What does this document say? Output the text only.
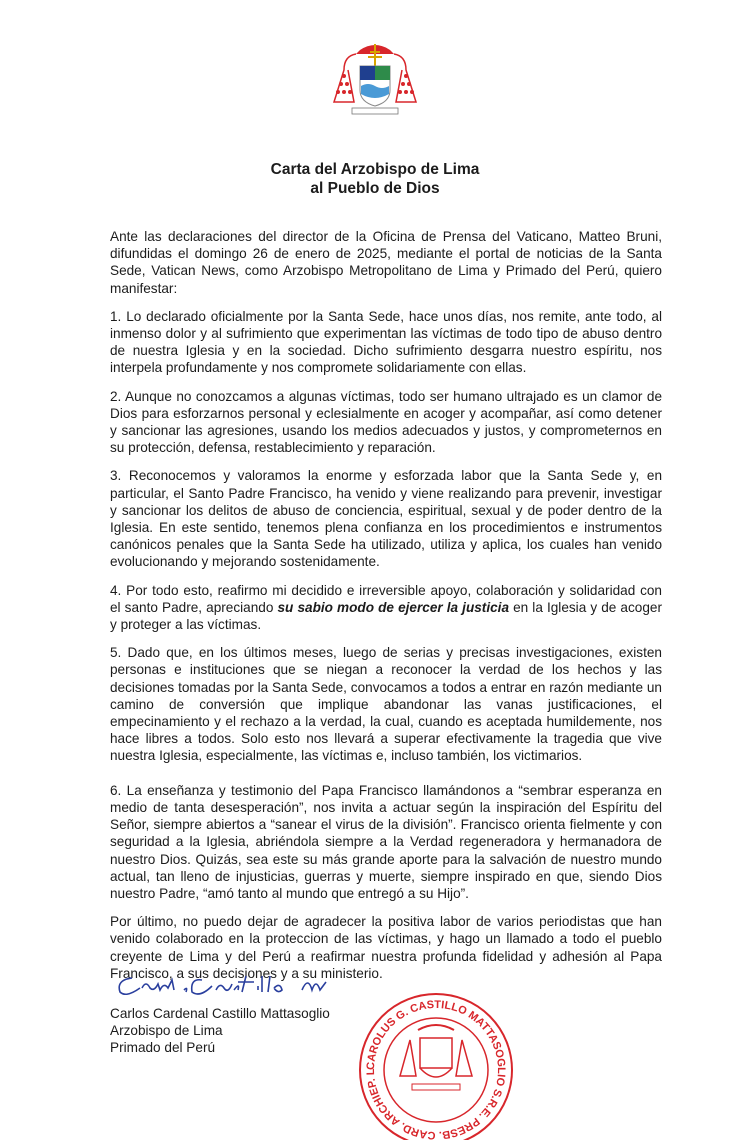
Carta del Arzobispo de Lima
al Pueblo de Dios

Ante las declaraciones del director de la Oficina de Prensa del Vaticano, Matteo Bruni, difundidas el domingo 26 de enero de 2025, mediante el portal de noticias de la Santa Sede, Vatican News, como Arzobispo Metropolitano de Lima y Primado del Perú, quiero manifestar:

1. Lo declarado oficialmente por la Santa Sede, hace unos días, nos remite, ante todo, al inmenso dolor y al sufrimiento que experimentan las víctimas de todo tipo de abuso dentro de nuestra Iglesia y en la sociedad. Dicho sufrimiento desgarra nuestro espíritu, nos interpela profundamente y nos compromete solidariamente con ellas.

2. Aunque no conozcamos a algunas víctimas, todo ser humano ultrajado es un clamor de Dios para esforzarnos personal y eclesialmente en acoger y acompañar, así como detener y sancionar las agresiones, usando los medios adecuados y justos, y comprometernos en su protección, defensa, restablecimiento y reparación.

3. Reconocemos y valoramos la enorme y esforzada labor que la Santa Sede y, en particular, el Santo Padre Francisco, ha venido y viene realizando para prevenir, investigar y sancionar los delitos de abuso de conciencia, espiritual, sexual y de poder dentro de la Iglesia. En este sentido, tenemos plena confianza en los procedimientos e instrumentos canónicos penales que la Santa Sede ha utilizado, utiliza y aplica, los cuales han venido evolucionando y mejorando sostenidamente.

4. Por todo esto, reafirmo mi decidido e irreversible apoyo, colaboración y solidaridad con el santo Padre, apreciando su sabio modo de ejercer la justicia en la Iglesia y de acoger y proteger a las víctimas.

5. Dado que, en los últimos meses, luego de serias y precisas investigaciones, existen personas e instituciones que se niegan a reconocer la verdad de los hechos y las decisiones tomadas por la Santa Sede, convocamos a todos a entrar en razón mediante un camino de conversión que implique abandonar las vanas justificaciones, el empecinamiento y el rechazo a la verdad, la cual, cuando es aceptada humildemente, nos hace libres a todos. Solo esto nos llevará a superar efectivamente la tragedia que vive nuestra Iglesia, especialmente, las víctimas e, incluso también, los victimarios.

6. La enseñanza y testimonio del Papa Francisco llamándonos a “sembrar esperanza en medio de tanta desesperación”, nos invita a actuar según la inspiración del Espíritu del Señor, siempre abiertos a “sanear el virus de la división”. Francisco orienta fielmente y con seguridad a la Iglesia, abriéndola siempre a la Verdad regeneradora y hermanadora de nuestro Dios. Quizás, sea este su más grande aporte para la salvación de nuestro mundo actual, tan lleno de injusticias, guerras y muerte, siempre inspirado en que, siendo Dios nuestro Padre, “amó tanto al mundo que entregó a su Hijo”.

Por último, no puedo dejar de agradecer la positiva labor de varios periodistas que han venido colaborado en la proteccion de las víctimas, y hago un llamado a todo el pueblo creyente de Lima y del Perú a reafirmar nuestra profunda fidelidad y adhesión al Papa Francisco, a sus decisiones y a su ministerio.

Carlos Cardenal Castillo Mattasoglio
Arzobispo de Lima
Primado del Perú
CAROLUS G. CASTILLO MATTASOGLIO S.R.E. PRESB. CARD. ARCHIEP. L
